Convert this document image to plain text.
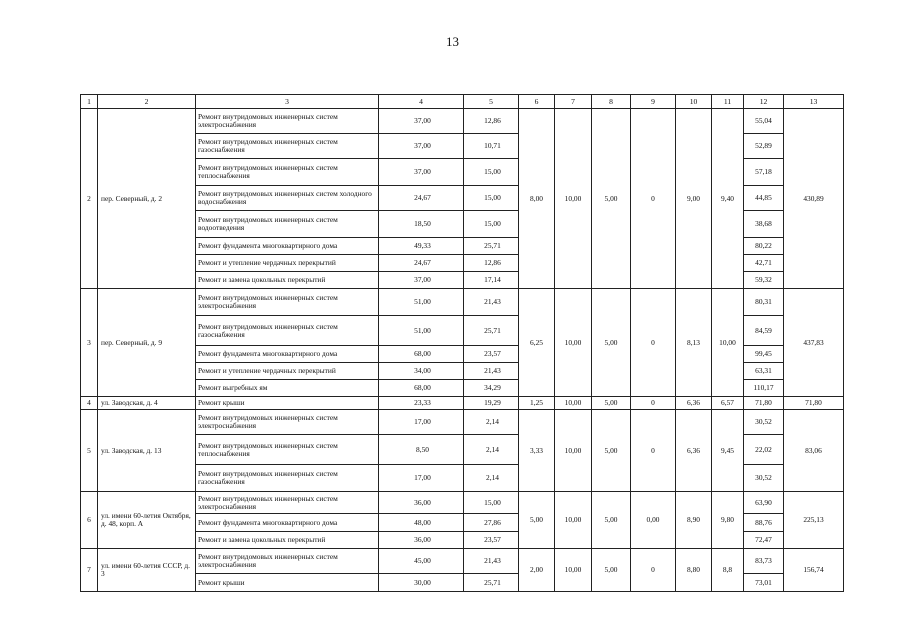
13
1	2	3	4	5	6	7	8	9	10	11	12	13
2	пер. Северный, д. 2	Ремонт внутридомовых инженерных систем электроснабжения	37,00	12,86	8,00	10,00	5,00	0	9,00	9,40	55,04	430,89
		Ремонт внутридомовых инженерных систем газоснабжения	37,00	10,71							52,89	
		Ремонт внутридомовых инженерных систем теплоснабжения	37,00	15,00							57,18	
		Ремонт внутридомовых инженерных систем холодного водоснабжения	24,67	15,00							44,85	
		Ремонт внутридомовых инженерных систем водоотведения	18,50	15,00							38,68	
		Ремонт фундамента многоквартирного дома	49,33	25,71							80,22	
		Ремонт и утепление чердачных перекрытий	24,67	12,86							42,71	
		Ремонт и замена цокольных перекрытий	37,00	17,14							59,32	
3	пер. Северный, д. 9	Ремонт внутридомовых инженерных систем электроснабжения	51,00	21,43	6,25	10,00	5,00	0	8,13	10,00	80,31	437,83
		Ремонт внутридомовых инженерных систем газоснабжения	51,00	25,71							84,59	
		Ремонт фундамента многоквартирного дома	68,00	23,57							99,45	
		Ремонт и утепление чердачных перекрытий	34,00	21,43							63,31	
		Ремонт выгребных ям	68,00	34,29							110,17	
4	ул. Заводская, д. 4	Ремонт крыши	23,33	19,29	1,25	10,00	5,00	0	6,36	6,57	71,80	71,80
5	ул. Заводская, д. 13	Ремонт внутридомовых инженерных систем электроснабжения	17,00	2,14	3,33	10,00	5,00	0	6,36	9,45	30,52	83,06
		Ремонт внутридомовых инженерных систем теплоснабжения	8,50	2,14							22,02	
		Ремонт внутридомовых инженерных систем газоснабжения	17,00	2,14							30,52	
6	ул. имени 60-летия Октября, д. 48, корп. А	Ремонт внутридомовых инженерных систем электроснабжения	36,00	15,00	5,00	10,00	5,00	0,00	8,90	9,80	63,90	225,13
		Ремонт фундамента многоквартирного дома	48,00	27,86							88,76	
		Ремонт и замена цокольных перекрытий	36,00	23,57							72,47	
7	ул. имени 60-летия СССР, д. 3	Ремонт внутридомовых инженерных систем электроснабжения	45,00	21,43	2,00	10,00	5,00	0	8,80	8,8	83,73	156,74
		Ремонт крыши	30,00	25,71							73,01	
